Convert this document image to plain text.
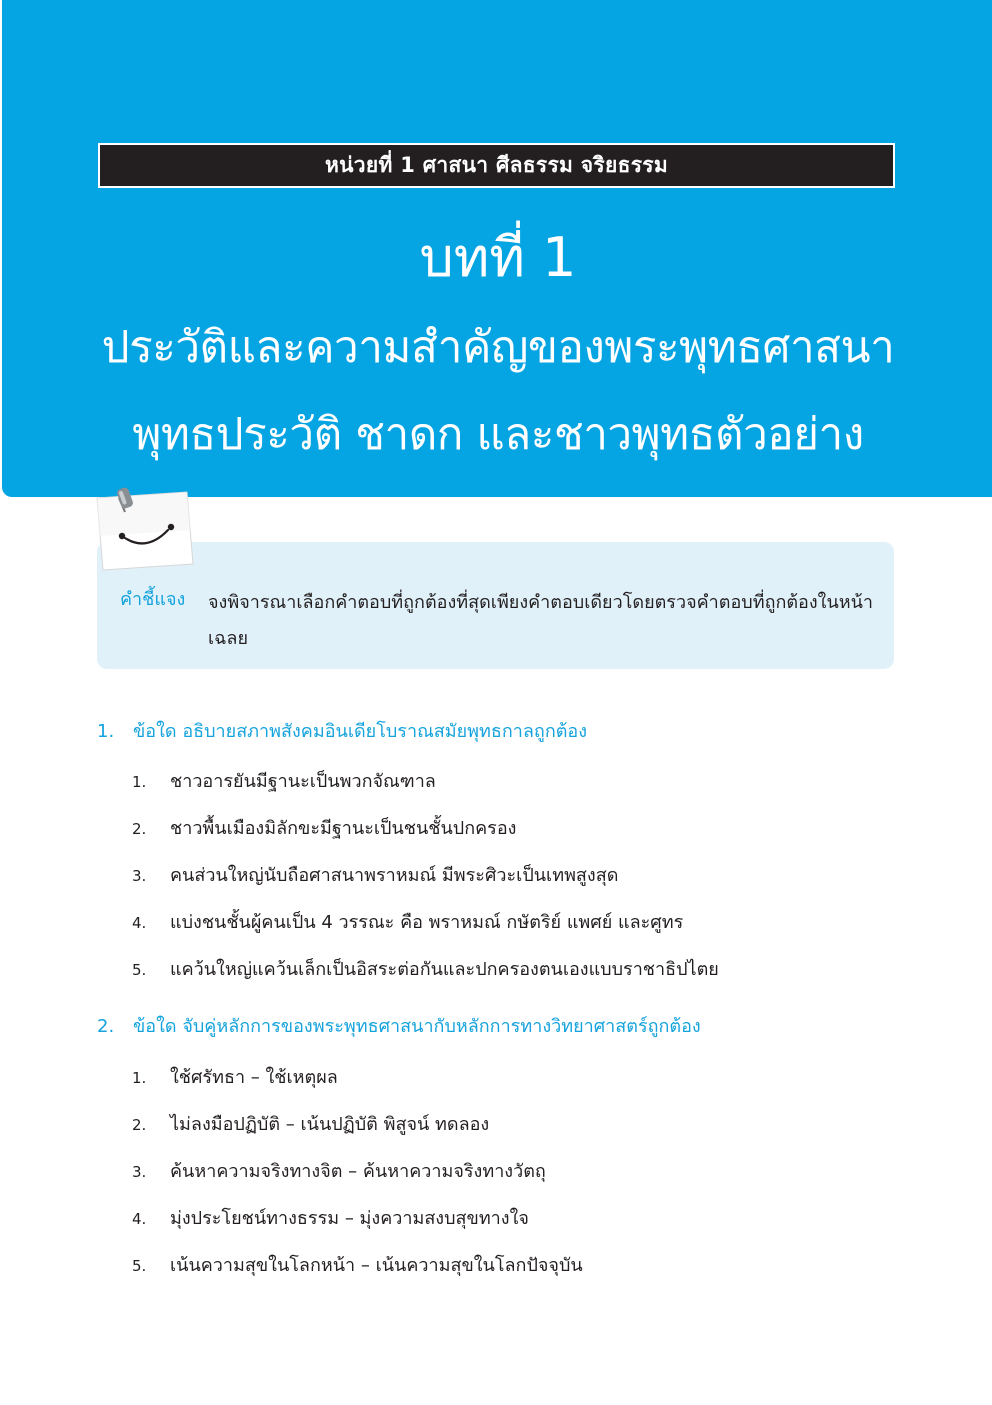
หน่วยที่ 1 ศาสนา ศีลธรรม จริยธรรม
บทที่ 1
ประวัติและความสำคัญของพระพุทธศาสนา
พุทธประวัติ ชาดก และชาวพุทธตัวอย่าง
คำชี้แจง จงพิจารณาเลือกคำตอบที่ถูกต้องที่สุดเพียงคำตอบเดียวโดยตรวจคำตอบที่ถูกต้องในหน้าเฉลย
1. ข้อใด อธิบายสภาพสังคมอินเดียโบราณสมัยพุทธกาลถูกต้อง
1. ชาวอารยันมีฐานะเป็นพวกจัณฑาล
2. ชาวพื้นเมืองมิลักขะมีฐานะเป็นชนชั้นปกครอง
3. คนส่วนใหญ่นับถือศาสนาพราหมณ์ มีพระศิวะเป็นเทพสูงสุด
4. แบ่งชนชั้นผู้คนเป็น 4 วรรณะ คือ พราหมณ์ กษัตริย์ แพศย์ และศูทร
5. แคว้นใหญ่แคว้นเล็กเป็นอิสระต่อกันและปกครองตนเองแบบราชาธิปไตย
2. ข้อใด จับคู่หลักการของพระพุทธศาสนากับหลักการทางวิทยาศาสตร์ถูกต้อง
1. ใช้ศรัทธา – ใช้เหตุผล
2. ไม่ลงมือปฏิบัติ – เน้นปฏิบัติ พิสูจน์ ทดลอง
3. ค้นหาความจริงทางจิต – ค้นหาความจริงทางวัตถุ
4. มุ่งประโยชน์ทางธรรม – มุ่งความสงบสุขทางใจ
5. เน้นความสุขในโลกหน้า – เน้นความสุขในโลกปัจจุบัน
